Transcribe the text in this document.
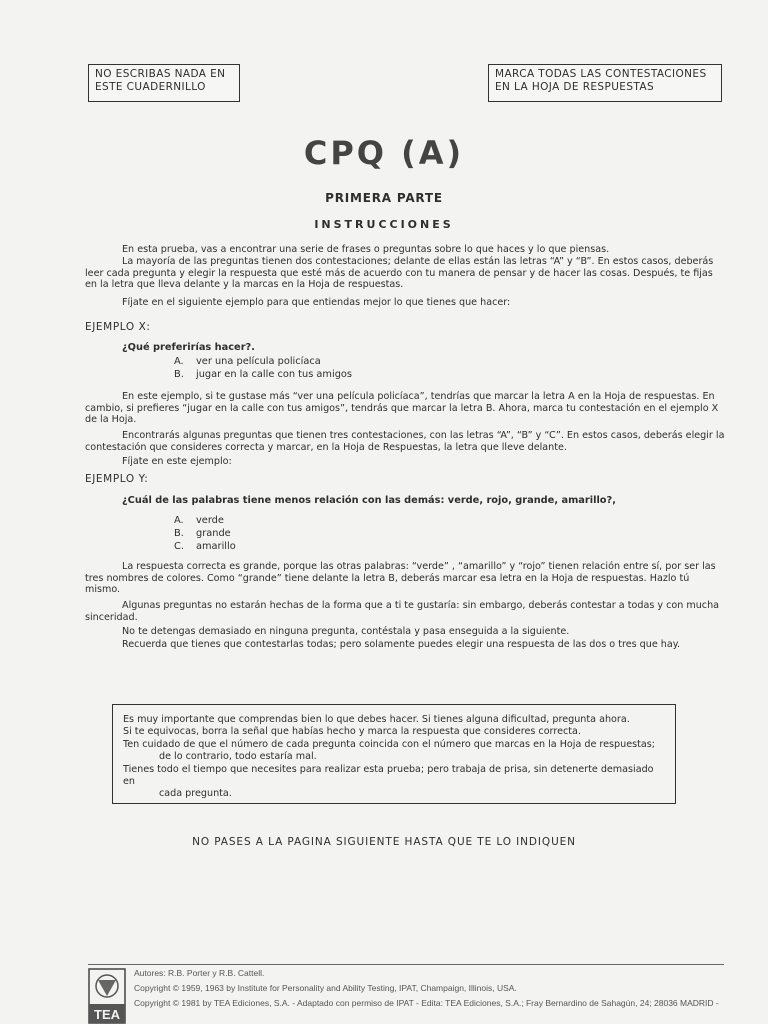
NO ESCRIBAS NADA EN
ESTE CUADERNILLO
MARCA TODAS LAS CONTESTACIONES
EN LA HOJA DE RESPUESTAS
CPQ (A)
PRIMERA PARTE
INSTRUCCIONES

En esta prueba, vas a encontrar una serie de frases o preguntas sobre lo que haces y lo que piensas.

La mayoría de las preguntas tienen dos contestaciones; delante de ellas están las letras “A” y “B”. En estos casos, deberás leer cada pregunta y elegir la respuesta que esté más de acuerdo con tu manera de pensar y de hacer las cosas. Después, te fijas en la letra que lleva delante y la marcas en la Hoja de respuestas.

Fíjate en el siguiente ejemplo para que entiendas mejor lo que tienes que hacer:

EJEMPLO X:

¿Qué preferirías hacer?.

A. ver una película policíaca

B. jugar en la calle con tus amigos

En este ejemplo, si te gustase más “ver una película policíaca”, tendrías que marcar la letra A en la Hoja de respuestas. En cambio, si prefieres “jugar en la calle con tus amigos”, tendrás que marcar la letra B. Ahora, marca tu contestación en el ejemplo X de la Hoja.

Encontrarás algunas preguntas que tienen tres contestaciones, con las letras “A”, “B” y “C”. En estos casos, deberás elegir la contestación que consideres correcta y marcar, en la Hoja de Respuestas, la letra que lleve delante.

Fíjate en este ejemplo:

EJEMPLO Y:

¿Cuál de las palabras tiene menos relación con las demás: verde, rojo, grande, amarillo?,

A. verde

B. grande

C. amarillo

La respuesta correcta es grande, porque las otras palabras: “verde” , “amarillo” y “rojo” tienen relación entre sí, por ser las tres nombres de colores. Como “grande” tiene delante la letra B, deberás marcar esa letra en la Hoja de respuestas. Hazlo tú mismo.

Algunas preguntas no estarán hechas de la forma que a ti te gustaría: sin embargo, deberás contestar a todas y con mucha sinceridad.

No te detengas demasiado en ninguna pregunta, contéstala y pasa enseguida a la siguiente.

Recuerda que tienes que contestarlas todas; pero solamente puedes elegir una respuesta de las dos o tres que hay.

Es muy importante que comprendas bien lo que debes hacer. Si tienes alguna dificultad, pregunta ahora.

Si te equivocas, borra la señal que habías hecho y marca la respuesta que consideres correcta.

Ten cuidado de que el número de cada pregunta coincida con el número que marcas en la Hoja de respuestas;

de lo contrario, todo estaría mal.

Tienes todo el tiempo que necesites para realizar esta prueba; pero trabaja de prisa, sin detenerte demasiado en

cada pregunta.

NO PASES A LA PAGINA SIGUIENTE HASTA QUE TE LO INDIQUEN

TEA

Autores: R.B. Porter y R.B. Cattell.

Copyright © 1959, 1963 by Institute for Personality and Ability Testing, IPAT, Champaign, Illinois, USA.

Copyright © 1981 by TEA Ediciones, S.A. - Adaptado con permiso de IPAT - Edita: TEA Ediciones, S.A.; Fray Bernardino de Sahagún, 24; 28036 MADRID -
